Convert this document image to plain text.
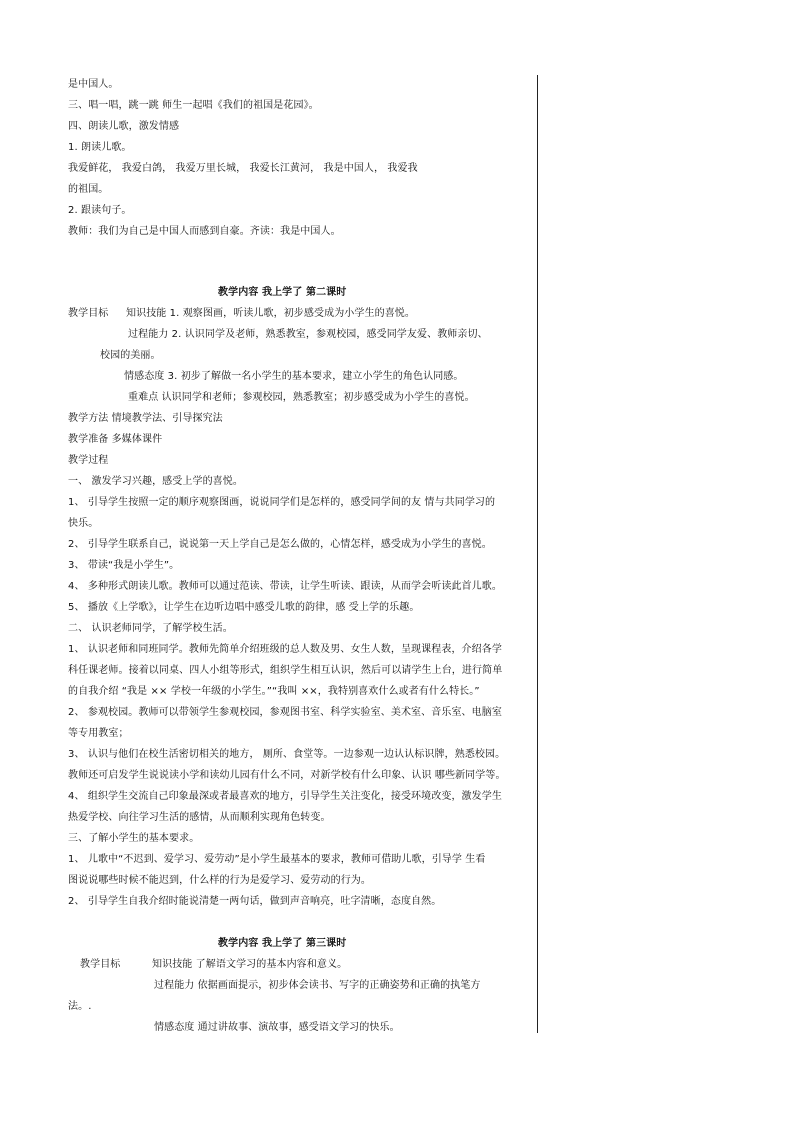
是中国人。
三、唱一唱，跳一跳 师生一起唱《我们的祖国是花园》。
四、朗读儿歌，激发情感
1. 朗读儿歌。
我爱鲜花， 我爱白鸽， 我爱万里长城， 我爱长江黄河， 我是中国人， 我爱我
的祖国。
2. 跟读句子。
教师：我们为自己是中国人而感到自豪。齐读：我是中国人。
教学内容 我上学了 第二课时
教学目标 知识技能 1. 观察图画，听读儿歌，初步感受成为小学生的喜悦。
过程能力 2. 认识同学及老师，熟悉教室，参观校园，感受同学友爱、教师亲切、
校园的美丽。
情感态度 3. 初步了解做一名小学生的基本要求，建立小学生的角色认同感。
重难点 认识同学和老师；参观校园，熟悉教室；初步感受成为小学生的喜悦。
教学方法 情境教学法、引导探究法
教学准备 多媒体课件
教学过程
一、 激发学习兴趣，感受上学的喜悦。
1、 引导学生按照一定的顺序观察图画，说说同学们是怎样的，感受同学间的友 情与共同学习的
快乐。
2、 引导学生联系自己，说说第一天上学自己是怎么做的，心情怎样，感受成为小学生的喜悦。
3、 带读“我是小学生”。
4、 多种形式朗读儿歌。教师可以通过范读、带读，让学生听读、跟读，从而学会听读此首儿歌。
5、 播放《上学歌》，让学生在边听边唱中感受儿歌的韵律，感 受上学的乐趣。
二、 认识老师同学，了解学校生活。
1、 认识老师和同班同学。教师先简单介绍班级的总人数及男、女生人数，呈现课程表，介绍各学
科任课老师。接着以同桌、四人小组等形式，组织学生相互认识，然后可以请学生上台，进行简单
的自我介绍 “我是 ×× 学校一年级的小学生。”“我叫 ××，我特别喜欢什么或者有什么特长。”
2、 参观校园。教师可以带领学生参观校园，参观图书室、科学实验室、美术室、音乐室、电脑室
等专用教室；
3、 认识与他们在校生活密切相关的地方， 厕所、食堂等。一边参观一边认认标识牌，熟悉校园。
教师还可启发学生说说读小学和读幼儿园有什么不同，对新学校有什么印象、认识 哪些新同学等。
4、 组织学生交流自己印象最深或者最喜欢的地方，引导学生关注变化，接受环境改变，激发学生
热爱学校、向往学习生活的感情，从而顺利实现角色转变。
三、了解小学生的基本要求。
1、 儿歌中“不迟到、爱学习、爱劳动”是小学生最基本的要求，教师可借助儿歌，引导学 生看
图说说哪些时候不能迟到，什么样的行为是爱学习、爱劳动的行为。
2、 引导学生自我介绍时能说清楚一两句话，做到声音响亮，吐字清晰，态度自然。
教学内容 我上学了 第三课时
教学目标	知识技能 了解语文学习的基本内容和意义。
过程能力 依据画面提示，初步体会读书、写字的正确姿势和正确的执笔方
法。.
情感态度 通过讲故事、演故事，感受语文学习的快乐。
